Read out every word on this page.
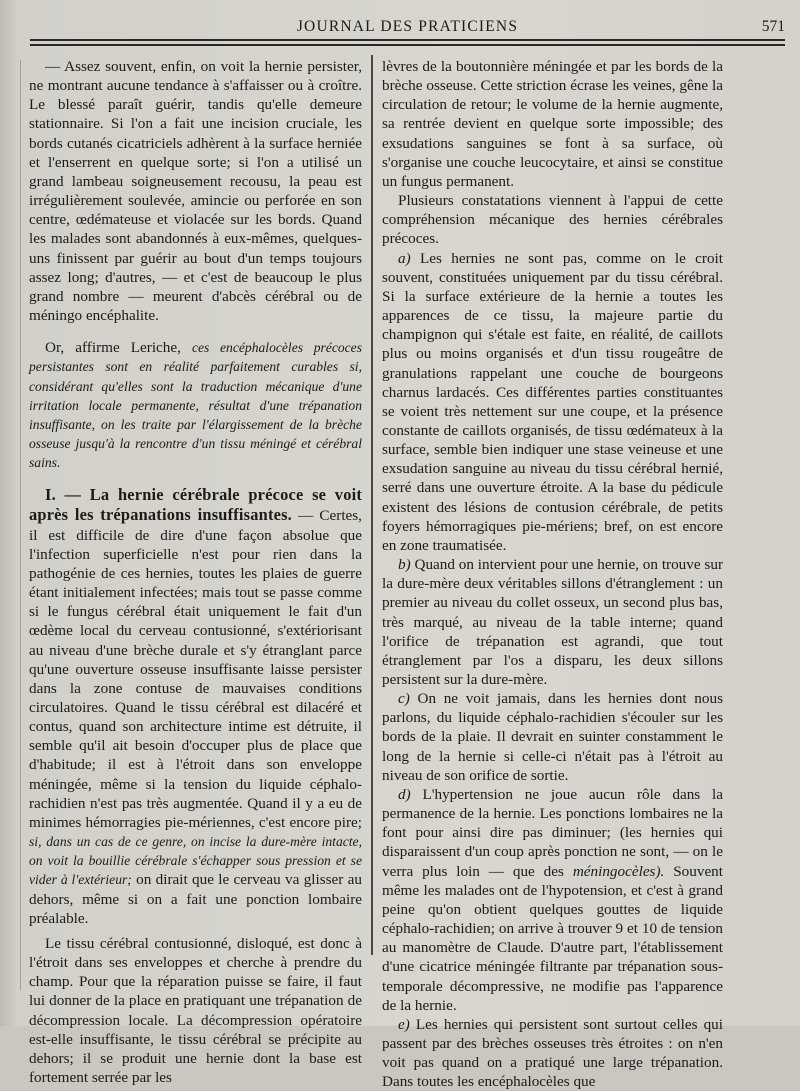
JOURNAL DES PRATICIENS	571

— Assez souvent, enfin, on voit la hernie persister, ne montrant aucune tendance à s'affaisser ou à croître. Le blessé paraît guérir, tandis qu'elle demeure stationnaire. Si l'on a fait une incision cruciale, les bords cutanés cicatriciels adhèrent à la surface herniée et l'enserrent en quelque sorte; si l'on a utilisé un grand lambeau soigneusement recousu, la peau est irrégulièrement soulevée, amincie ou perforée en son centre, œdémateuse et violacée sur les bords. Quand les malades sont abandonnés à eux-mêmes, quelques-uns finissent par guérir au bout d'un temps toujours assez long; d'autres, — et c'est de beaucoup le plus grand nombre — meurent d'abcès cérébral ou de méningo encéphalite.

Or, affirme Leriche, ces encéphalocèles précoces persistantes sont en réalité parfaitement curables si, considérant qu'elles sont la traduction mécanique d'une irritation locale permanente, résultat d'une trépanation insuffisante, on les traite par l'élargissement de la brèche osseuse jusqu'à la rencontre d'un tissu méningé et cérébral sains.

I. — La hernie cérébrale précoce se voit après les trépanations insuffisantes. — Certes, il est difficile de dire d'une façon absolue que l'infection superficielle n'est pour rien dans la pathogénie de ces hernies, toutes les plaies de guerre étant initialement infectées; mais tout se passe comme si le fungus cérébral était uniquement le fait d'un œdème local du cerveau contusionné, s'extériorisant au niveau d'une brèche durale et s'y étranglant parce qu'une ouverture osseuse insuffisante laisse persister dans la zone contuse de mauvaises conditions circulatoires. Quand le tissu cérébral est dilacéré et contus, quand son architecture intime est détruite, il semble qu'il ait besoin d'occuper plus de place que d'habitude; il est à l'étroit dans son enveloppe méningée, même si la tension du liquide céphalo-rachidien n'est pas très augmentée. Quand il y a eu de minimes hémorragies pie-mériennes, c'est encore pire; si, dans un cas de ce genre, on incise la dure-mère intacte, on voit la bouillie cérébrale s'échapper sous pression et se vider à l'extérieur; on dirait que le cerveau va glisser au dehors, même si on a fait une ponction lombaire préalable.

Le tissu cérébral contusionné, disloqué, est donc à l'étroit dans ses enveloppes et cherche à prendre du champ. Pour que la réparation puisse se faire, il faut lui donner de la place en pratiquant une trépanation de décompression locale. La décompression opératoire est-elle insuffisante, le tissu cérébral se précipite au dehors; il se produit une hernie dont la base est fortement serrée par les

lèvres de la boutonnière méningée et par les bords de la brèche osseuse. Cette striction écrase les veines, gêne la circulation de retour; le volume de la hernie augmente, sa rentrée devient en quelque sorte impossible; des exsudations sanguines se font à sa surface, où s'organise une couche leucocytaire, et ainsi se constitue un fungus permanent.

Plusieurs constatations viennent à l'appui de cette compréhension mécanique des hernies cérébrales précoces.

a) Les hernies ne sont pas, comme on le croit souvent, constituées uniquement par du tissu cérébral. Si la surface extérieure de la hernie a toutes les apparences de ce tissu, la majeure partie du champignon qui s'étale est faite, en réalité, de caillots plus ou moins organisés et d'un tissu rougeâtre de granulations rappelant une couche de bourgeons charnus lardacés. Ces différentes parties constituantes se voient très nettement sur une coupe, et la présence constante de caillots organisés, de tissu œdémateux à la surface, semble bien indiquer une stase veineuse et une exsudation sanguine au niveau du tissu cérébral hernié, serré dans une ouverture étroite. A la base du pédicule existent des lésions de contusion cérébrale, de petits foyers hémorragiques pie-mériens; bref, on est encore en zone traumatisée.

b) Quand on intervient pour une hernie, on trouve sur la dure-mère deux véritables sillons d'étranglement : un premier au niveau du collet osseux, un second plus bas, très marqué, au niveau de la table interne; quand l'orifice de trépanation est agrandi, que tout étranglement par l'os a disparu, les deux sillons persistent sur la dure-mère.

c) On ne voit jamais, dans les hernies dont nous parlons, du liquide céphalo-rachidien s'écouler sur les bords de la plaie. Il devrait en suinter constamment le long de la hernie si celle-ci n'était pas à l'étroit au niveau de son orifice de sortie.

d) L'hypertension ne joue aucun rôle dans la permanence de la hernie. Les ponctions lombaires ne la font pour ainsi dire pas diminuer; (les hernies qui disparaissent d'un coup après ponction ne sont, — on le verra plus loin — que des méningocèles). Souvent même les malades ont de l'hypotension, et c'est à grand peine qu'on obtient quelques gouttes de liquide céphalo-rachidien; on arrive à trouver 9 et 10 de tension au manomètre de Claude. D'autre part, l'établissement d'une cicatrice méningée filtrante par trépanation sous-temporale décompressive, ne modifie pas l'apparence de la hernie.

e) Les hernies qui persistent sont surtout celles qui passent par des brèches osseuses très étroites : on n'en voit pas quand on a pratiqué une large trépanation. Dans toutes les encéphalocèles que
